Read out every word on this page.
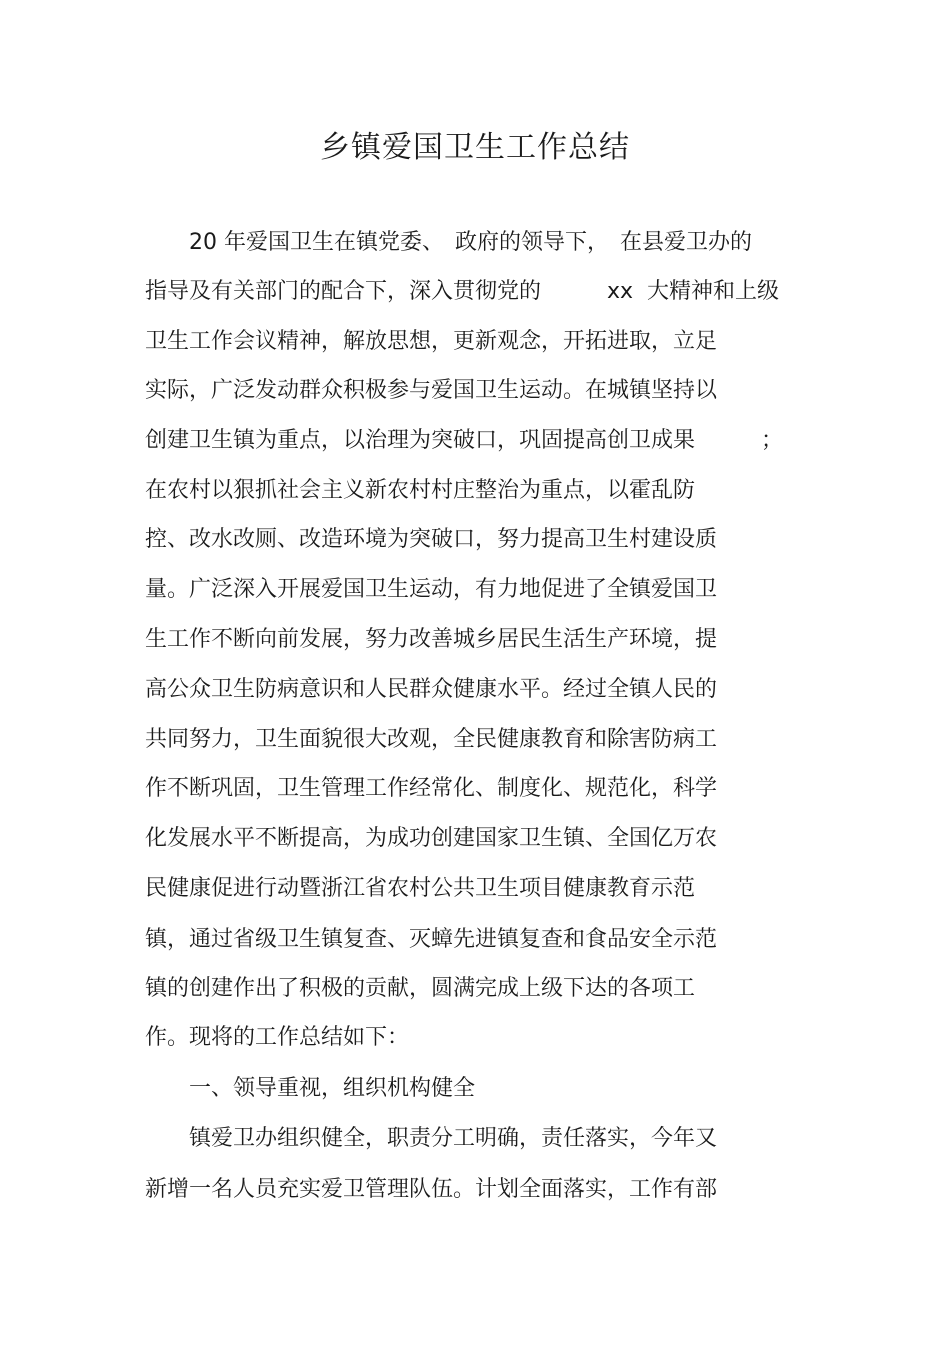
乡镇爱国卫生工作总结
　　20 年爱国卫生在镇党委、　政府的领导下，　在县爱卫办的
指导及有关部门的配合下，深入贯彻党的　　　xx  大精神和上级
卫生工作会议精神，解放思想，更新观念，开拓进取，立足
实际，广泛发动群众积极参与爱国卫生运动。在城镇坚持以
创建卫生镇为重点，以治理为突破口，巩固提高创卫成果　　　；
在农村以狠抓社会主义新农村村庄整治为重点，以霍乱防
控、改水改厕、改造环境为突破口，努力提高卫生村建设质
量。广泛深入开展爱国卫生运动，有力地促进了全镇爱国卫
生工作不断向前发展，努力改善城乡居民生活生产环境，提
高公众卫生防病意识和人民群众健康水平。经过全镇人民的
共同努力，卫生面貌很大改观，全民健康教育和除害防病工
作不断巩固，卫生管理工作经常化、制度化、规范化，科学
化发展水平不断提高，为成功创建国家卫生镇、全国亿万农
民健康促进行动暨浙江省农村公共卫生项目健康教育示范
镇，通过省级卫生镇复查、灭蟑先进镇复查和食品安全示范
镇的创建作出了积极的贡献，圆满完成上级下达的各项工
作。现将的工作总结如下：
　　一、领导重视，组织机构健全
　　镇爱卫办组织健全，职责分工明确，责任落实，今年又
新增一名人员充实爱卫管理队伍。计划全面落实，工作有部
